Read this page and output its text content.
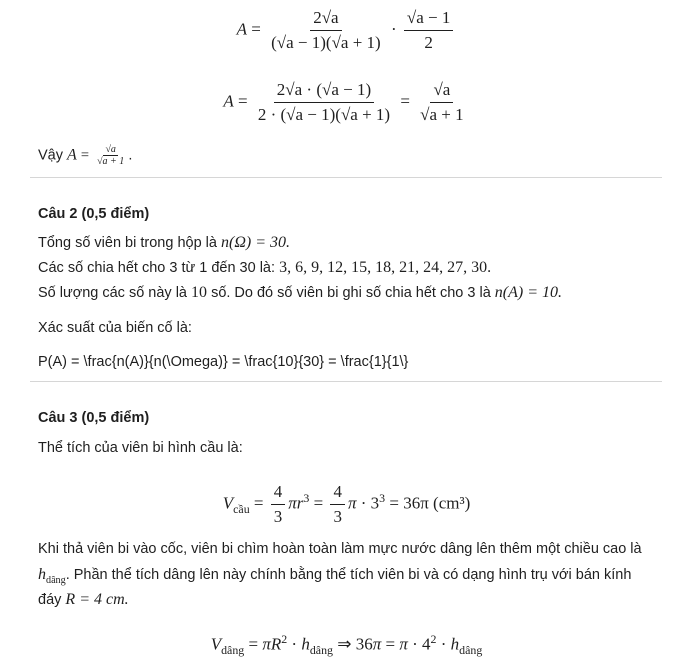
$A = \frac{2√a}{(√a - 1)(√a + 1)} \cdot \frac{√a - 1}{2}$
$A = \frac{2√a \cdot (√a - 1)}{2 \cdot (√a - 1)(√a + 1)} = \frac{√a}{√a + 1}$
Vậy $A = \frac{√a}{√a + 1}$ .
Câu 2 (0,5 điểm)
Tổng số viên bi trong hộp là n(Ω) = 30.
Các số chia hết cho 3 từ 1 đến 30 là: 3, 6, 9, 12, 15, 18, 21, 24, 27, 30.
Số lượng các số này là 10 số. Do đó số viên bi ghi số chia hết cho 3 là n(A) = 10.
Xác suất của biến cố là:
P(A) = \frac{n(A)}{n(\Omega)} = \frac{10}{30} = \frac{1}{1\}
Câu 3 (0,5 điểm)
Thể tích của viên bi hình cầu là:
$V_{cầu} = \frac{4}{3} \pi r^3 = \frac{4}{3}$ $\pi \cdot 3^3 = 36\pi$ (cm³)
Khi thả viên bi vào cốc, viên bi chìm hoàn toàn làm mực nước dâng lên thêm một chiều cao là
$h_{dâng}$. Phần thể tích dâng lên này chính bằng thể tích viên bi và có dạng hình trụ với bán kính
đáy R = 4 cm.
$V_{dâng} = \pi R^2 \cdot h_{dâng}$ ⇒ $36\pi = \pi \cdot 4^2 \cdot h_{dâng}$
